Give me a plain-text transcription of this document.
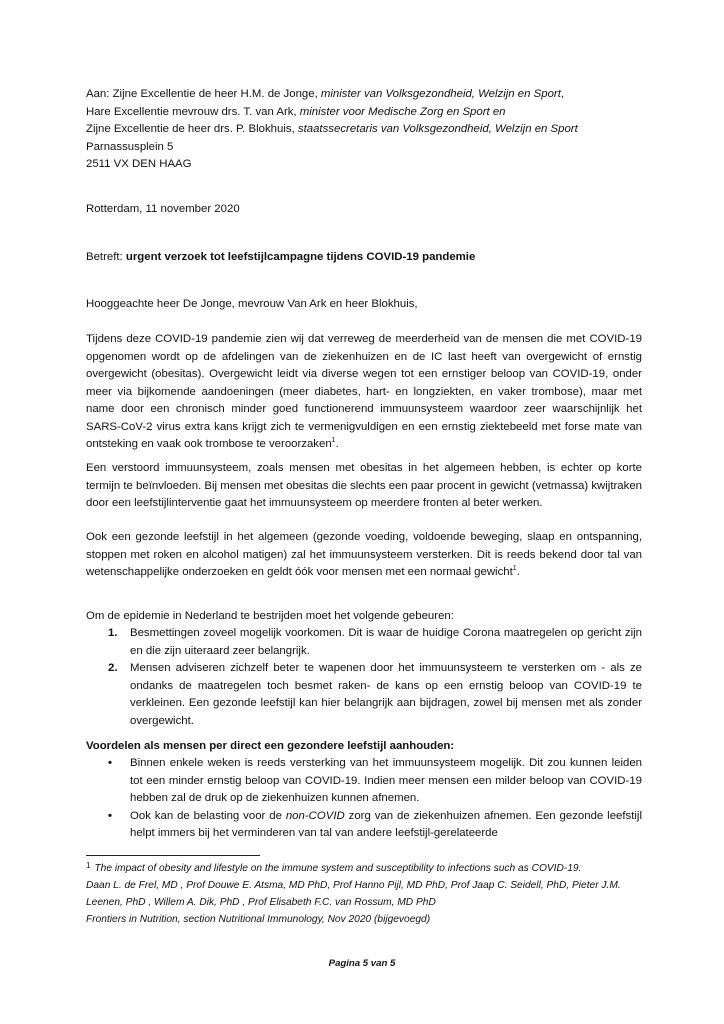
Aan: Zijne Excellentie de heer H.M. de Jonge, minister van Volksgezondheid, Welzijn en Sport,

Hare Excellentie mevrouw drs. T. van Ark, minister voor Medische Zorg en Sport en

Zijne Excellentie de heer drs. P. Blokhuis, staatssecretaris van Volksgezondheid, Welzijn en Sport

Parnassusplein 5

2511 VX DEN HAAG

Rotterdam, 11 november 2020
Betreft: urgent verzoek tot leefstijlcampagne tijdens COVID-19 pandemie
Hooggeachte heer De Jonge, mevrouw Van Ark en heer Blokhuis,
Tijdens deze COVID-19 pandemie zien wij dat verreweg de meerderheid van de mensen die met COVID-19 opgenomen wordt op de afdelingen van de ziekenhuizen en de IC last heeft van overgewicht of ernstig overgewicht (obesitas). Overgewicht leidt via diverse wegen tot een ernstiger beloop van COVID-19, onder meer via bijkomende aandoeningen (meer diabetes, hart- en longziekten, en vaker trombose), maar met name door een chronisch minder goed functionerend immuunsysteem waardoor zeer waarschijnlijk het SARS-CoV-2 virus extra kans krijgt zich te vermenigvuldigen en een ernstig ziektebeeld met forse mate van ontsteking en vaak ook trombose te veroorzaken$^1$.
Een verstoord immuunsysteem, zoals mensen met obesitas in het algemeen hebben, is echter op korte termijn te beïnvloeden. Bij mensen met obesitas die slechts een paar procent in gewicht (vetmassa) kwijtraken door een leefstijlinterventie gaat het immuunsysteem op meerdere fronten al beter werken.
Ook een gezonde leefstijl in het algemeen (gezonde voeding, voldoende beweging, slaap en ontspanning, stoppen met roken en alcohol matigen) zal het immuunsysteem versterken. Dit is reeds bekend door tal van wetenschappelijke onderzoeken en geldt óók voor mensen met een normaal gewicht$^1$.
Om de epidemie in Nederland te bestrijden moet het volgende gebeuren:
1. Besmettingen zoveel mogelijk voorkomen. Dit is waar de huidige Corona maatregelen op gericht zijn en die zijn uiteraard zeer belangrijk.
2. Mensen adviseren zichzelf beter te wapenen door het immuunsysteem te versterken om - als ze ondanks de maatregelen toch besmet raken- de kans op een ernstig beloop van COVID-19 te verkleinen. Een gezonde leefstijl kan hier belangrijk aan bijdragen, zowel bij mensen met als zonder overgewicht.
Voordelen als mensen per direct een gezondere leefstijl aanhouden:
• Binnen enkele weken is reeds versterking van het immuunsysteem mogelijk. Dit zou kunnen leiden tot een minder ernstig beloop van COVID-19. Indien meer mensen een milder beloop van COVID-19 hebben zal de druk op de ziekenhuizen kunnen afnemen.
• Ook kan de belasting voor de non-COVID zorg van de ziekenhuizen afnemen. Een gezonde leefstijl helpt immers bij het verminderen van tal van andere leefstijl-gerelateerde

$^1$ The impact of obesity and lifestyle on the immune system and susceptibility to infections such as COVID-19.

Daan L. de Frel, MD , Prof Douwe E. Atsma, MD PhD, Prof Hanno Pijl, MD PhD, Prof Jaap C. Seidell, PhD, Pieter J.M. Leenen, PhD , Willem A. Dik, PhD , Prof Elisabeth F.C. van Rossum, MD PhD

Frontiers in Nutrition, section Nutritional Immunology, Nov 2020 (bijgevoegd)

Pagina 5 van 5
